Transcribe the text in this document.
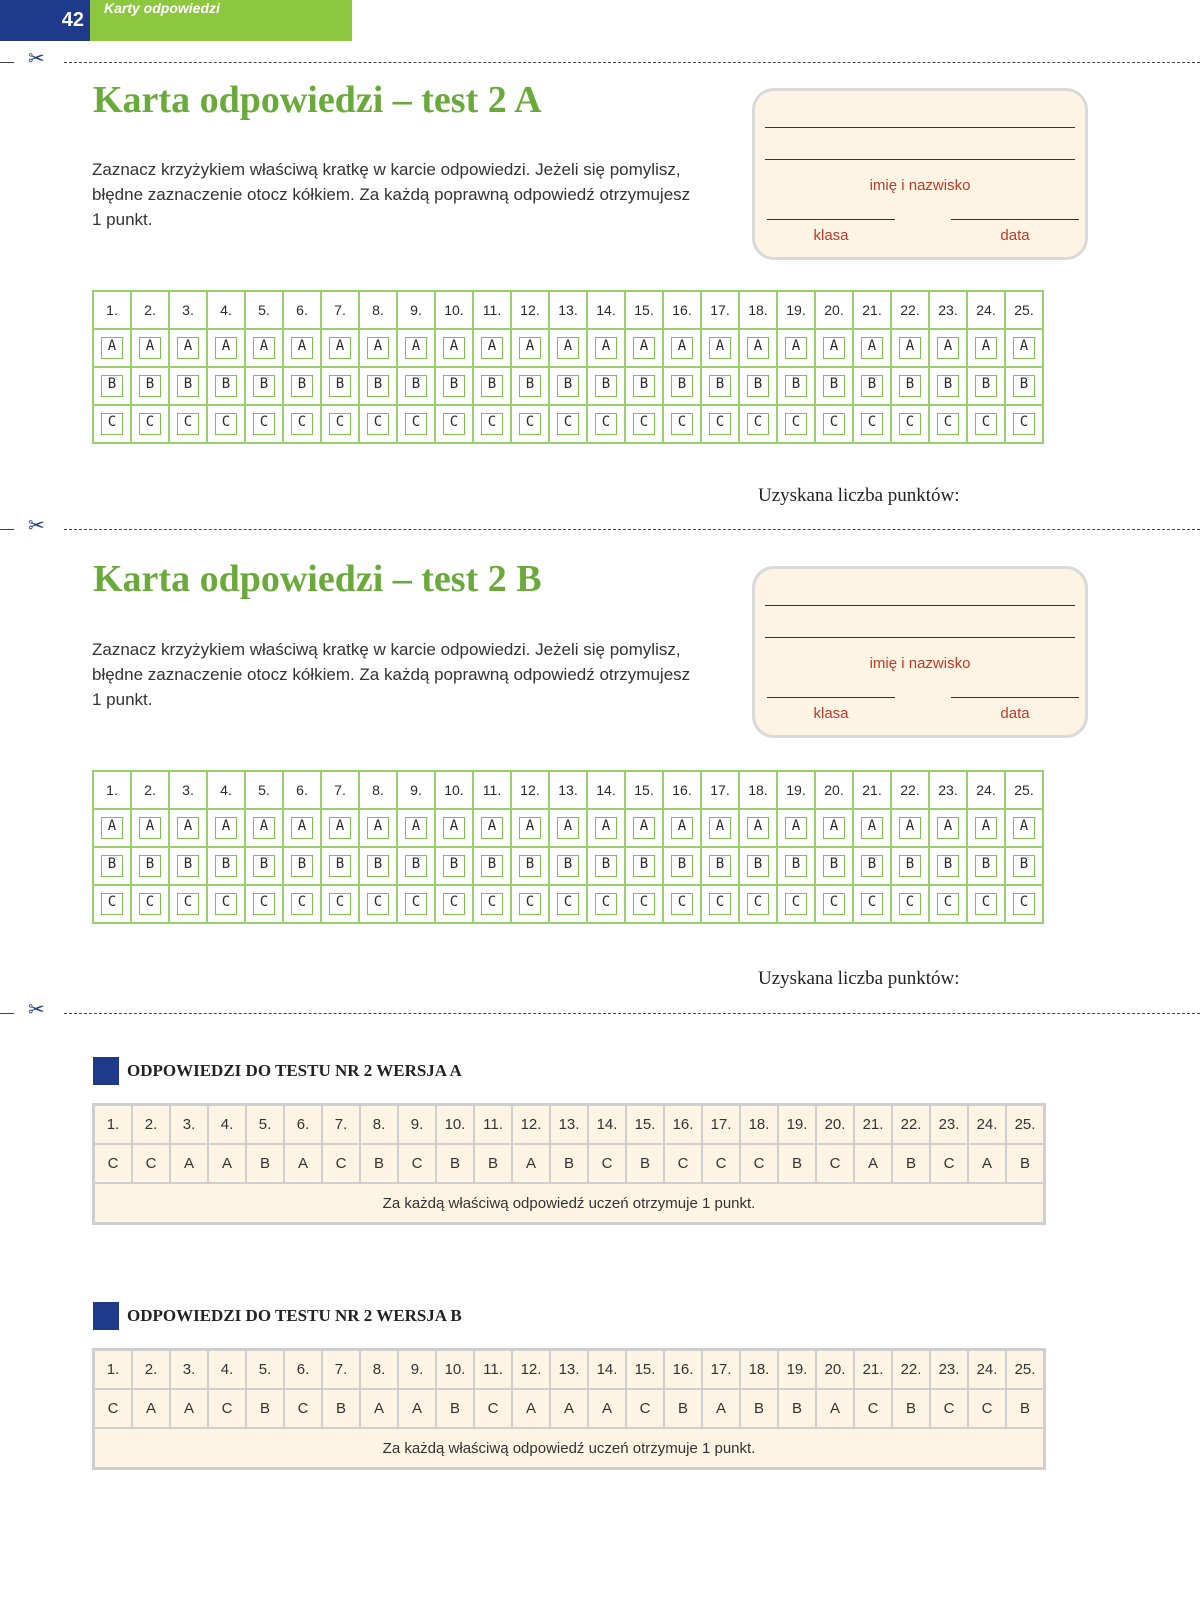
42
Karty odpowiedzi
✂
✂
✂
Karta odpowiedzi – test 2 A
Zaznacz krzyżykiem właściwą kratkę w karcie odpowiedzi. Jeżeli się pomylisz, błędne zaznaczenie otocz kółkiem. Za każdą poprawną odpowiedź otrzymujesz 1 punkt.
imię i nazwisko
klasa	data
1.	2.	3.	4.	5.	6.	7.	8.	9.	10.	11.	12.	13.	14.	15.	16.	17.	18.	19.	20.	21.	22.	23.	24.	25.
A	A	A	A	A	A	A	A	A	A	A	A	A	A	A	A	A	A	A	A	A	A	A	A	A
B	B	B	B	B	B	B	B	B	B	B	B	B	B	B	B	B	B	B	B	B	B	B	B	B
C	C	C	C	C	C	C	C	C	C	C	C	C	C	C	C	C	C	C	C	C	C	C	C	C
Uzyskana liczba punktów:
Karta odpowiedzi – test 2 B
Zaznacz krzyżykiem właściwą kratkę w karcie odpowiedzi. Jeżeli się pomylisz, błędne zaznaczenie otocz kółkiem. Za każdą poprawną odpowiedź otrzymujesz 1 punkt.
imię i nazwisko
klasa	data
1.	2.	3.	4.	5.	6.	7.	8.	9.	10.	11.	12.	13.	14.	15.	16.	17.	18.	19.	20.	21.	22.	23.	24.	25.
A	A	A	A	A	A	A	A	A	A	A	A	A	A	A	A	A	A	A	A	A	A	A	A	A
B	B	B	B	B	B	B	B	B	B	B	B	B	B	B	B	B	B	B	B	B	B	B	B	B
C	C	C	C	C	C	C	C	C	C	C	C	C	C	C	C	C	C	C	C	C	C	C	C	C
Uzyskana liczba punktów:
ODPOWIEDZI DO TESTU NR 2 WERSJA A
1.	2.	3.	4.	5.	6.	7.	8.	9.	10.	11.	12.	13.	14.	15.	16.	17.	18.	19.	20.	21.	22.	23.	24.	25.
C	C	A	A	B	A	C	B	C	B	B	A	B	C	B	C	C	C	B	C	A	B	C	A	B
Za każdą właściwą odpowiedź uczeń otrzymuje 1 punkt.																								
ODPOWIEDZI DO TESTU NR 2 WERSJA B
1.	2.	3.	4.	5.	6.	7.	8.	9.	10.	11.	12.	13.	14.	15.	16.	17.	18.	19.	20.	21.	22.	23.	24.	25.
C	A	A	C	B	C	B	A	A	B	C	A	A	A	C	B	A	B	B	A	C	B	C	C	B
Za każdą właściwą odpowiedź uczeń otrzymuje 1 punkt.																								
